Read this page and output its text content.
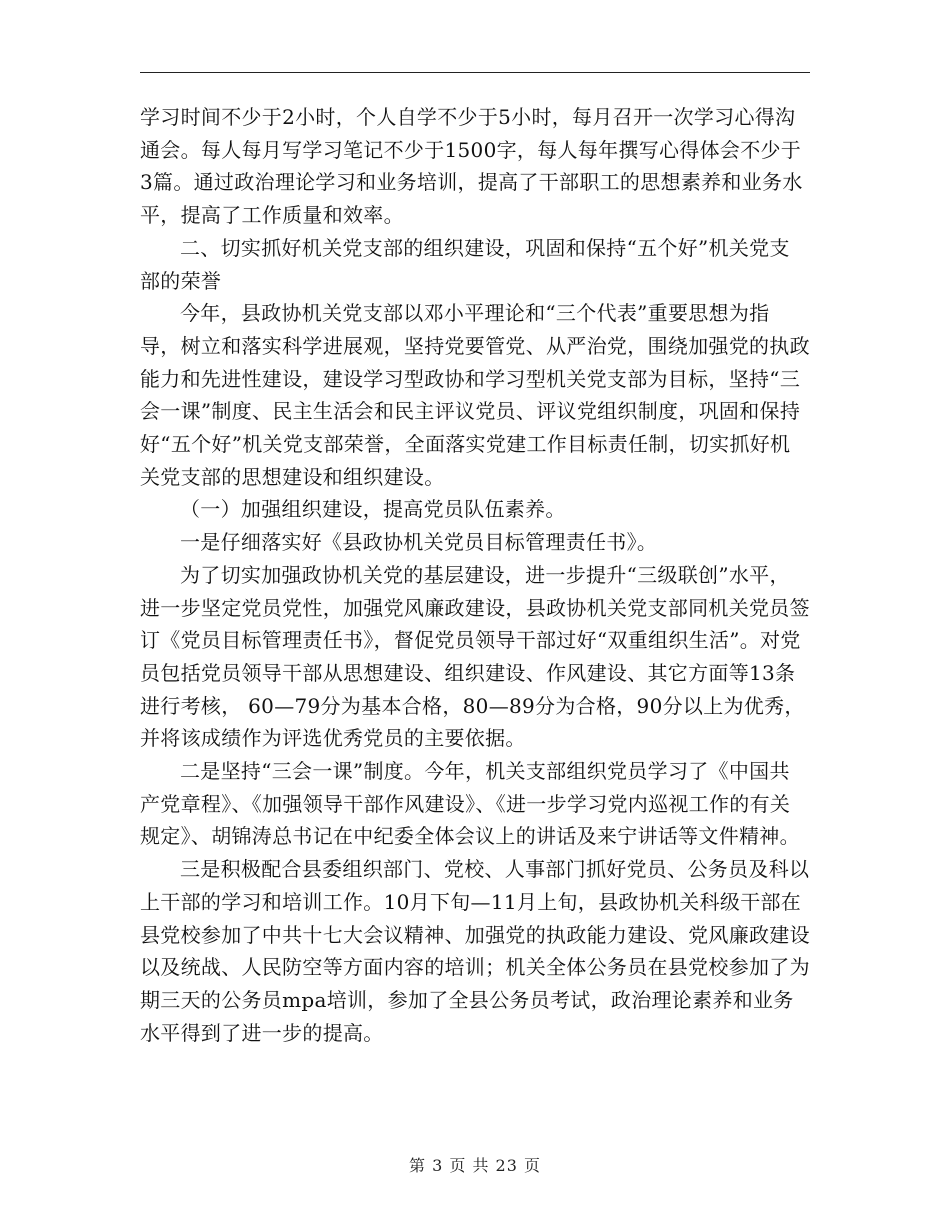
学习时间不少于2小时，个人自学不少于5小时，每月召开一次学习心得沟通会。每人每月写学习笔记不少于1500字，每人每年撰写心得体会不少于3篇。通过政治理论学习和业务培训，提高了干部职工的思想素养和业务水平，提高了工作质量和效率。

二、切实抓好机关党支部的组织建设，巩固和保持“五个好”机关党支部的荣誉

今年，县政协机关党支部以邓小平理论和“三个代表”重要思想为指导，树立和落实科学进展观，坚持党要管党、从严治党，围绕加强党的执政能力和先进性建设，建设学习型政协和学习型机关党支部为目标，坚持“三会一课”制度、民主生活会和民主评议党员、评议党组织制度，巩固和保持好“五个好”机关党支部荣誉，全面落实党建工作目标责任制，切实抓好机关党支部的思想建设和组织建设。

（一）加强组织建设，提高党员队伍素养。

一是仔细落实好《县政协机关党员目标管理责任书》。

为了切实加强政协机关党的基层建设，进一步提升“三级联创”水平，进一步坚定党员党性，加强党风廉政建设，县政协机关党支部同机关党员签订《党员目标管理责任书》，督促党员领导干部过好“双重组织生活”。对党员包括党员领导干部从思想建设、组织建设、作风建设、其它方面等13条进行考核， 60—79分为基本合格，80—89分为合格，90分以上为优秀，并将该成绩作为评选优秀党员的主要依据。

二是坚持“三会一课”制度。今年，机关支部组织党员学习了《中国共产党章程》、《加强领导干部作风建设》、《进一步学习党内巡视工作的有关规定》、胡锦涛总书记在中纪委全体会议上的讲话及来宁讲话等文件精神。

三是积极配合县委组织部门、党校、人事部门抓好党员、公务员及科以上干部的学习和培训工作。10月下旬—11月上旬，县政协机关科级干部在县党校参加了中共十七大会议精神、加强党的执政能力建设、党风廉政建设以及统战、人民防空等方面内容的培训；机关全体公务员在县党校参加了为期三天的公务员mpa培训，参加了全县公务员考试，政治理论素养和业务水平得到了进一步的提高。

第 3 页 共 23 页
